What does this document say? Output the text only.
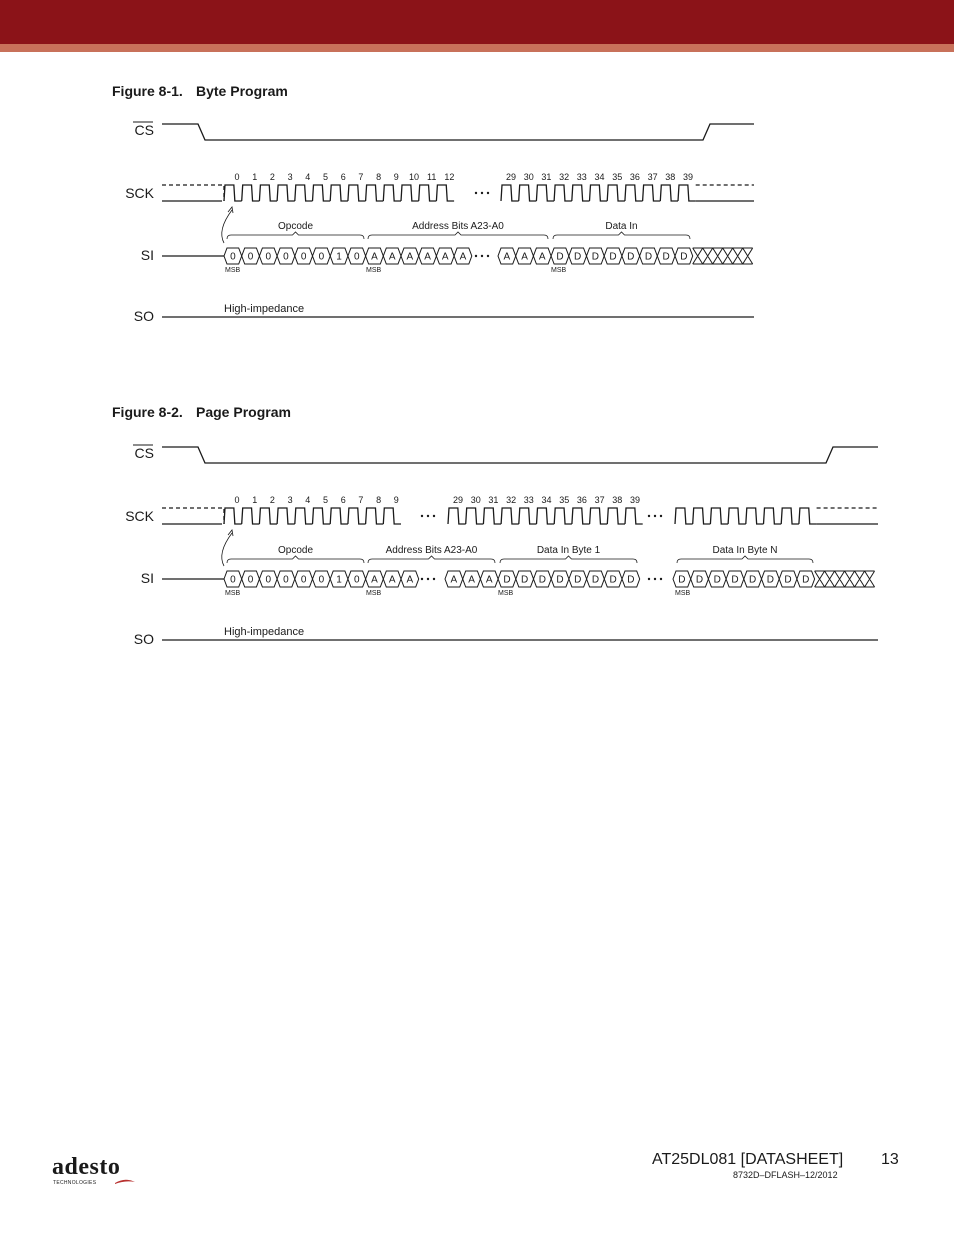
Figure 8-1. Byte Program
CS
SCK
SI
SO
0 1 2 3 4 5 6 7 8 9 10 11 12	29 30 31 32 33 34 35 36 37 38 39
0 0 0 0 0 0 1 0 A A A A A A	A A A D D D D D D D D
MSB	MSB	MSB
Opcode	Address Bits A23-A0	Data In
High-impedance
Figure 8-2. Page Program
CS
SCK
SI
SO
0 1 2 3 4 5 6 7 8 9	29 30 31 32 33 34 35 36 37 38 39
0 0 0 0 0 0 1 0 A A A	A A A D D D D D D D D	D D D D D D D D
MSB	MSB	MSB	MSB
Opcode	Address Bits A23-A0	Data In Byte 1	Data In Byte N
High-impedance
adesto
TECHNOLOGIES
AT25DL081 [DATASHEET] 13
8732D–DFLASH–12/2012
